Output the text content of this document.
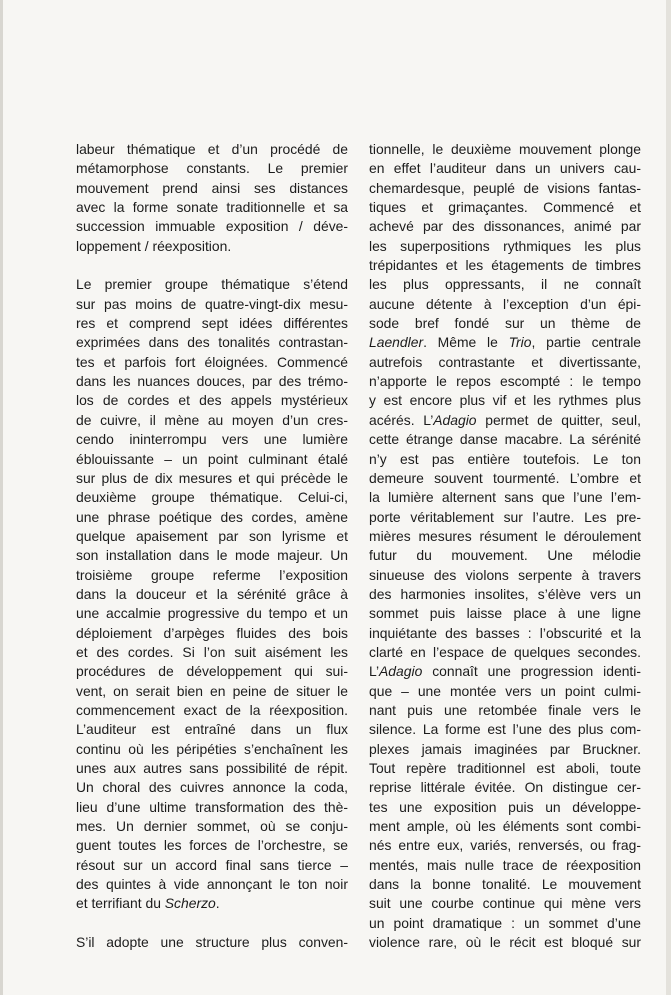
labeur thématique et d’un procédé de
métamorphose constants. Le premier
mouvement prend ainsi ses distances
avec la forme sonate traditionnelle et sa
succession immuable exposition / déve-
loppement / réexposition.
Le premier groupe thématique s’étend
sur pas moins de quatre-vingt-dix mesu-
res et comprend sept idées différentes
exprimées dans des tonalités contrastan-
tes et parfois fort éloignées. Commencé
dans les nuances douces, par des trémo-
los de cordes et des appels mystérieux
de cuivre, il mène au moyen d’un cres-
cendo ininterrompu vers une lumière
éblouissante – un point culminant étalé
sur plus de dix mesures et qui précède le
deuxième groupe thématique. Celui-ci,
une phrase poétique des cordes, amène
quelque apaisement par son lyrisme et
son installation dans le mode majeur. Un
troisième groupe referme l’exposition
dans la douceur et la sérénité grâce à
une accalmie progressive du tempo et un
déploiement d’arpèges fluides des bois
et des cordes. Si l’on suit aisément les
procédures de développement qui sui-
vent, on serait bien en peine de situer le
commencement exact de la réexposition.
L’auditeur est entraîné dans un flux
continu où les péripéties s’enchaînent les
unes aux autres sans possibilité de répit.
Un choral des cuivres annonce la coda,
lieu d’une ultime transformation des thè-
mes. Un dernier sommet, où se conju-
guent toutes les forces de l’orchestre, se
résout sur un accord final sans tierce –
des quintes à vide annonçant le ton noir
et terrifiant du Scherzo.
S’il adopte une structure plus conven-
tionnelle, le deuxième mouvement plonge
en effet l’auditeur dans un univers cau-
chemardesque, peuplé de visions fantas-
tiques et grimaçantes. Commencé et
achevé par des dissonances, animé par
les superpositions rythmiques les plus
trépidantes et les étagements de timbres
les plus oppressants, il ne connaît
aucune détente à l’exception d’un épi-
sode bref fondé sur un thème de
Laendler. Même le Trio, partie centrale
autrefois contrastante et divertissante,
n’apporte le repos escompté : le tempo
y est encore plus vif et les rythmes plus
acérés. L’Adagio permet de quitter, seul,
cette étrange danse macabre. La sérénité
n’y est pas entière toutefois. Le ton
demeure souvent tourmenté. L’ombre et
la lumière alternent sans que l’une l’em-
porte véritablement sur l’autre. Les pre-
mières mesures résument le déroulement
futur du mouvement. Une mélodie
sinueuse des violons serpente à travers
des harmonies insolites, s’élève vers un
sommet puis laisse place à une ligne
inquiétante des basses : l’obscurité et la
clarté en l’espace de quelques secondes.
L’Adagio connaît une progression identi-
que – une montée vers un point culmi-
nant puis une retombée finale vers le
silence. La forme est l’une des plus com-
plexes jamais imaginées par Bruckner.
Tout repère traditionnel est aboli, toute
reprise littérale évitée. On distingue cer-
tes une exposition puis un développe-
ment ample, où les éléments sont combi-
nés entre eux, variés, renversés, ou frag-
mentés, mais nulle trace de réexposition
dans la bonne tonalité. Le mouvement
suit une courbe continue qui mène vers
un point dramatique : un sommet d’une
violence rare, où le récit est bloqué sur
